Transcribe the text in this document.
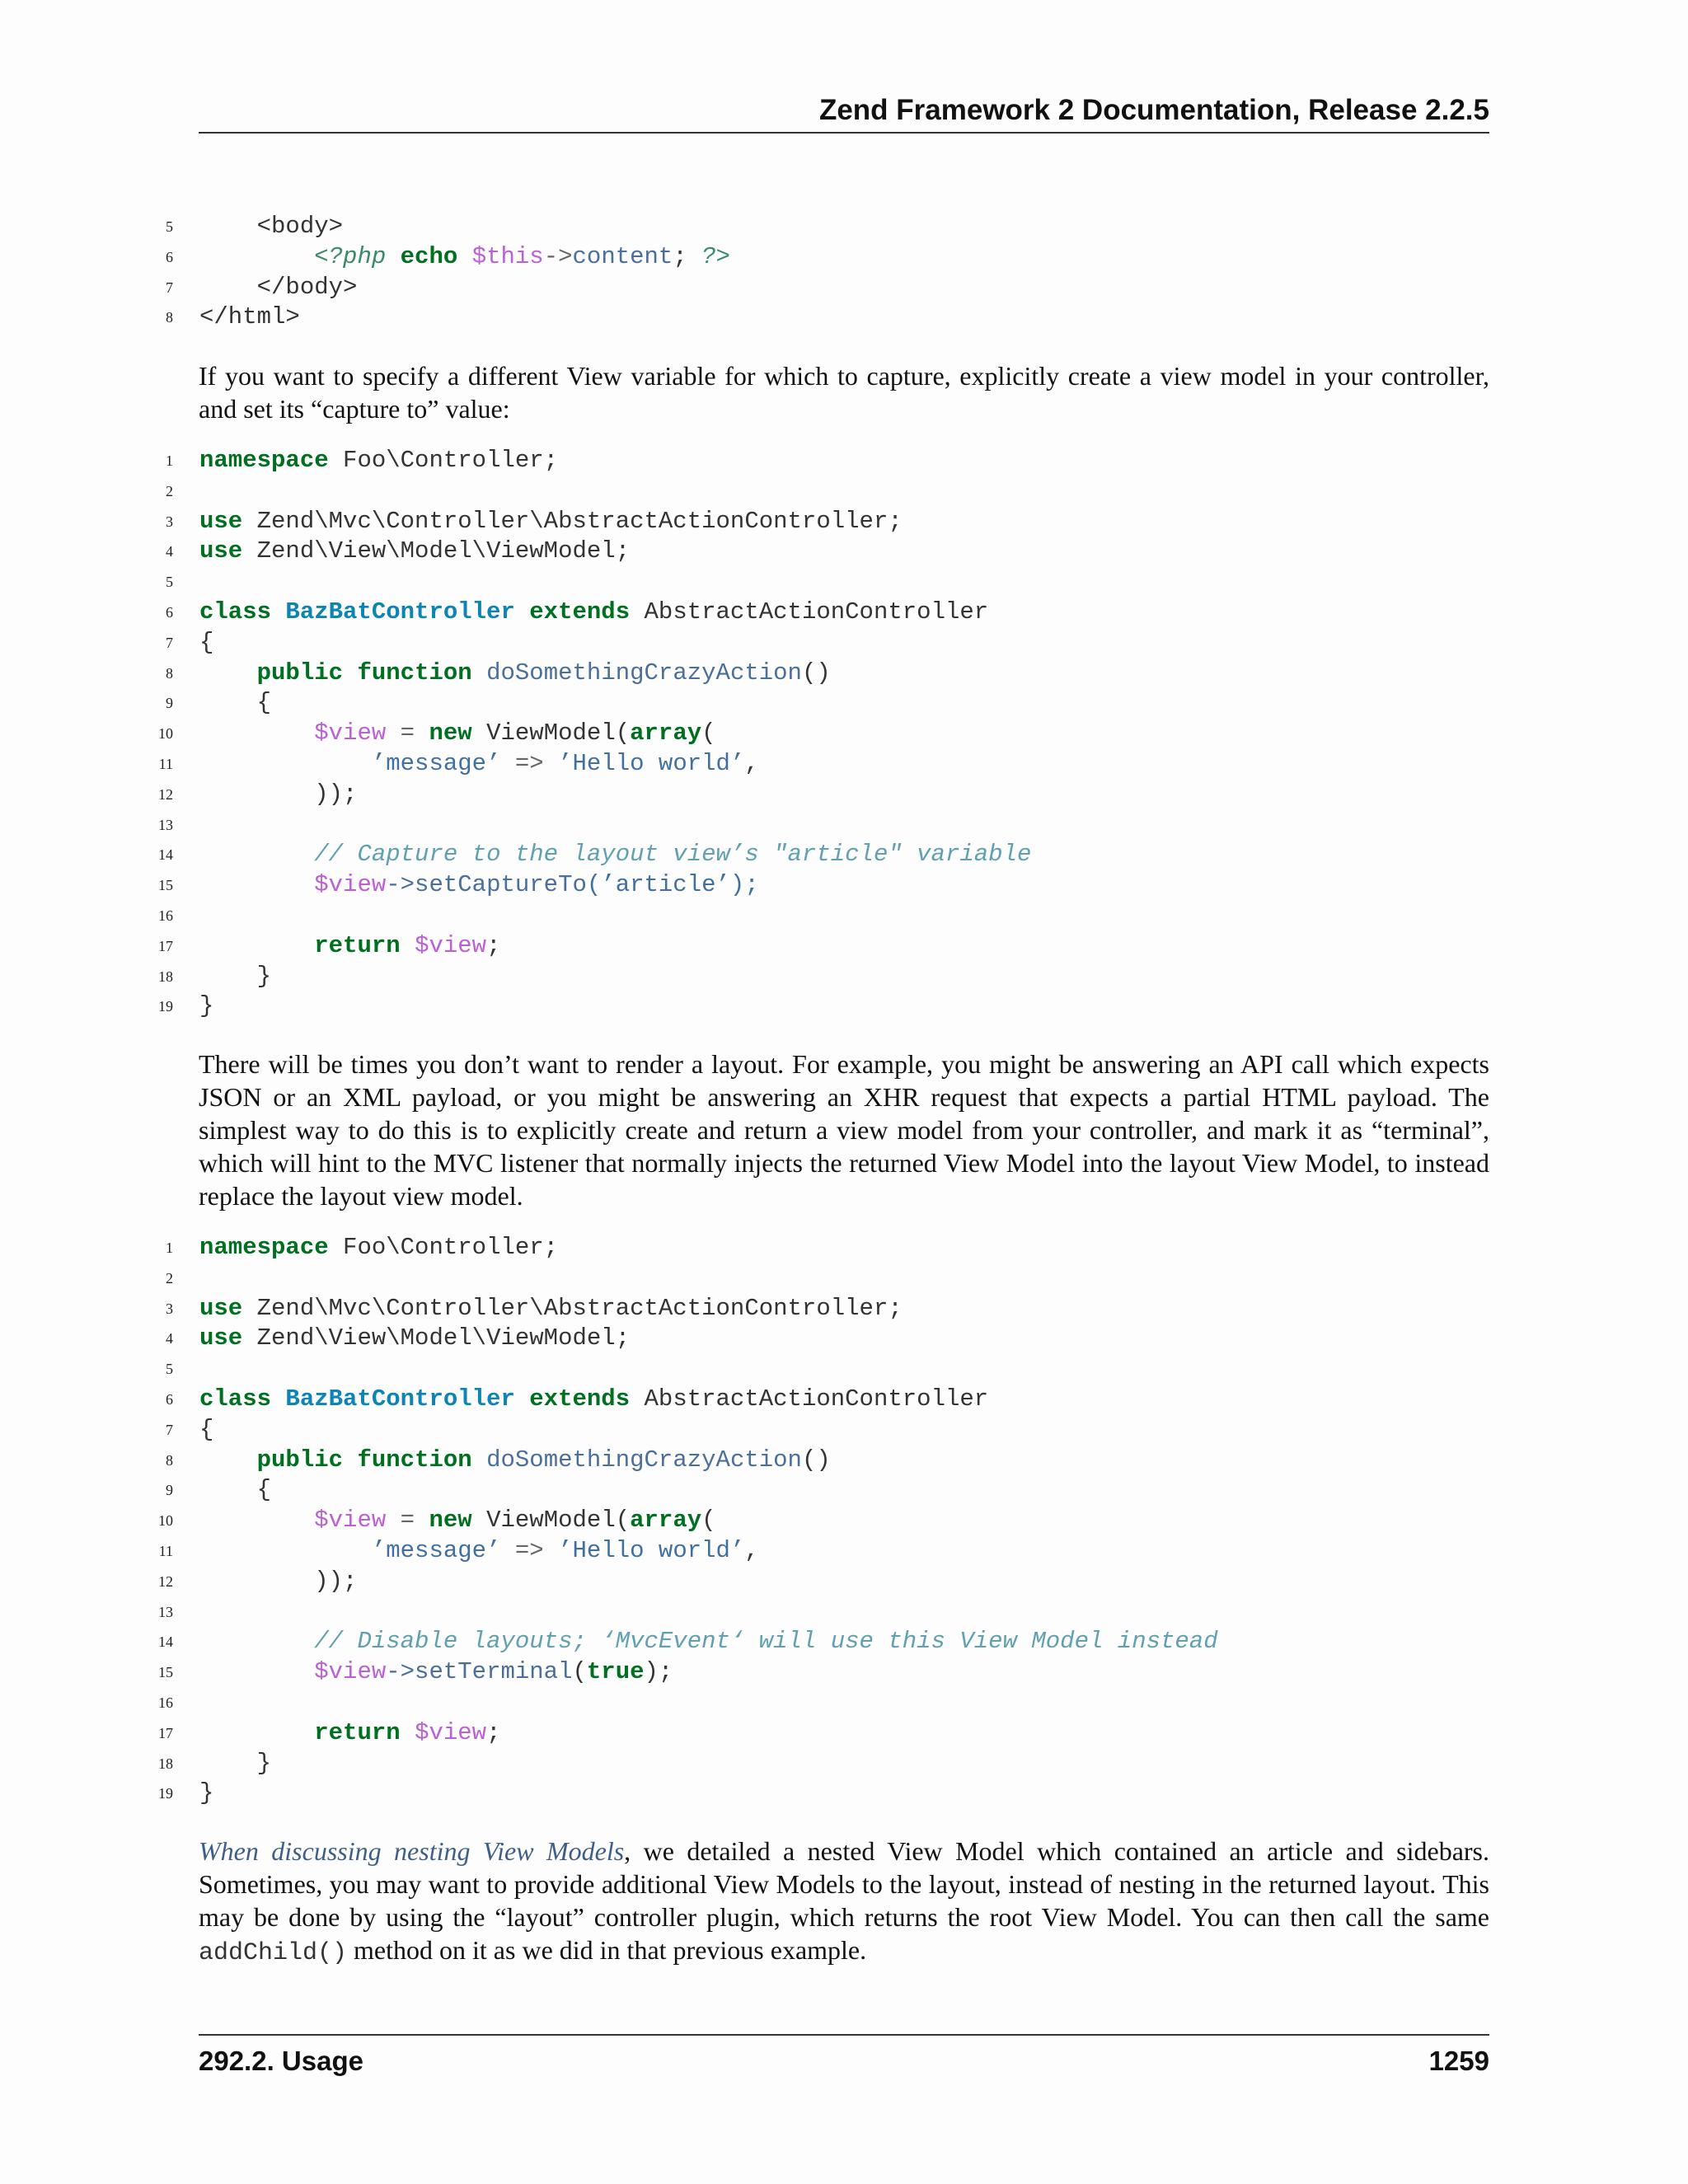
Zend Framework 2 Documentation, Release 2.2.5
5	<body>
6	<?php echo $this->content; ?>
7	</body>
8 </html>
If you want to specify a different View variable for which to capture, explicitly create a view model in your controller, and set its “capture to” value:
1 namespace Foo\Controller;
2
3 use Zend\Mvc\Controller\AbstractActionController;
4 use Zend\View\Model\ViewModel;
5
6 class BazBatController extends AbstractActionController
7 {
8	public function doSomethingCrazyAction()
9	{
10	$view = new ViewModel(array(
11	’message’ => ’Hello world’,
12	));
13
14	// Capture to the layout view’s "article" variable
15	$view->setCaptureTo(’article’);
16
17	return $view;
18	}
19 }
There will be times you don’t want to render a layout. For example, you might be answering an API call which expects JSON or an XML payload, or you might be answering an XHR request that expects a partial HTML payload. The simplest way to do this is to explicitly create and return a view model from your controller, and mark it as “terminal”, which will hint to the MVC listener that normally injects the returned View Model into the layout View Model, to instead replace the layout view model.
1 namespace Foo\Controller;
2
3 use Zend\Mvc\Controller\AbstractActionController;
4 use Zend\View\Model\ViewModel;
5
6 class BazBatController extends AbstractActionController
7 {
8	public function doSomethingCrazyAction()
9	{
10	$view = new ViewModel(array(
11	’message’ => ’Hello world’,
12	));
13
14	// Disable layouts; ‘MvcEvent‘ will use this View Model instead
15	$view->setTerminal(true);
16
17	return $view;
18	}
19 }
When discussing nesting View Models, we detailed a nested View Model which contained an article and sidebars. Sometimes, you may want to provide additional View Models to the layout, instead of nesting in the returned layout. This may be done by using the “layout” controller plugin, which returns the root View Model. You can then call the same addChild() method on it as we did in that previous example.
292.2. Usage	1259
